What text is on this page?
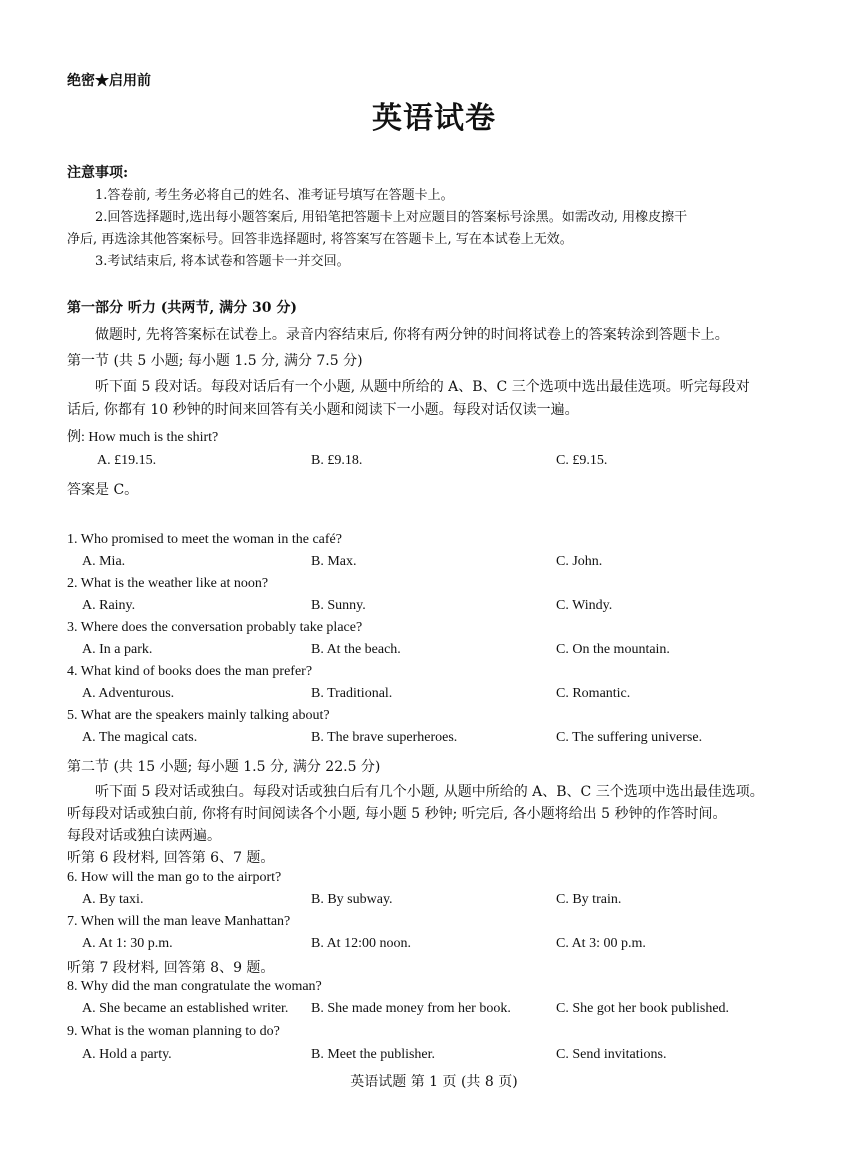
绝密★启用前
英语试卷
注意事项:
1.答卷前, 考生务必将自己的姓名、准考证号填写在答题卡上。
2.回答选择题时,选出每小题答案后, 用铅笔把答题卡上对应题目的答案标号涂黑。如需改动, 用橡皮擦干
净后, 再选涂其他答案标号。回答非选择题时, 将答案写在答题卡上, 写在本试卷上无效。
3.考试结束后, 将本试卷和答题卡一并交回。
第一部分 听力 (共两节, 满分 30 分)
做题时, 先将答案标在试卷上。录音内容结束后, 你将有两分钟的时间将试卷上的答案转涂到答题卡上。
第一节 (共 5 小题; 每小题 1.5 分, 满分 7.5 分)
听下面 5 段对话。每段对话后有一个小题, 从题中所给的 A、B、C 三个选项中选出最佳选项。听完每段对
话后, 你都有 10 秒钟的时间来回答有关小题和阅读下一小题。每段对话仅读一遍。
例: How much is the shirt?
A. £19.15.	B. £9.18.	C. £9.15.
答案是 C。
1. Who promised to meet the woman in the café?
A. Mia.	B. Max.	C. John.
2. What is the weather like at noon?
A. Rainy.	B. Sunny.	C. Windy.
3. Where does the conversation probably take place?
A. In a park.	B. At the beach.	C. On the mountain.
4. What kind of books does the man prefer?
A. Adventurous.	B. Traditional.	C. Romantic.
5. What are the speakers mainly talking about?
A. The magical cats.	B. The brave superheroes.	C. The suffering universe.
第二节 (共 15 小题; 每小题 1.5 分, 满分 22.5 分)
听下面 5 段对话或独白。每段对话或独白后有几个小题, 从题中所给的 A、B、C 三个选项中选出最佳选项。
听每段对话或独白前, 你将有时间阅读各个小题, 每小题 5 秒钟; 听完后, 各小题将给出 5 秒钟的作答时间。
每段对话或独白读两遍。
听第 6 段材料, 回答第 6、7 题。
6. How will the man go to the airport?
A. By taxi.	B. By subway.	C. By train.
7. When will the man leave Manhattan?
A. At 1: 30 p.m.	B. At 12:00 noon.	C. At 3: 00 p.m.
听第 7 段材料, 回答第 8、9 题。
8. Why did the man congratulate the woman?
A. She became an established writer. B. She made money from her book.	C. She got her book published.
9. What is the woman planning to do?
A. Hold a party.	B. Meet the publisher.	C. Send invitations.
英语试题 第 1 页 (共 8 页)
